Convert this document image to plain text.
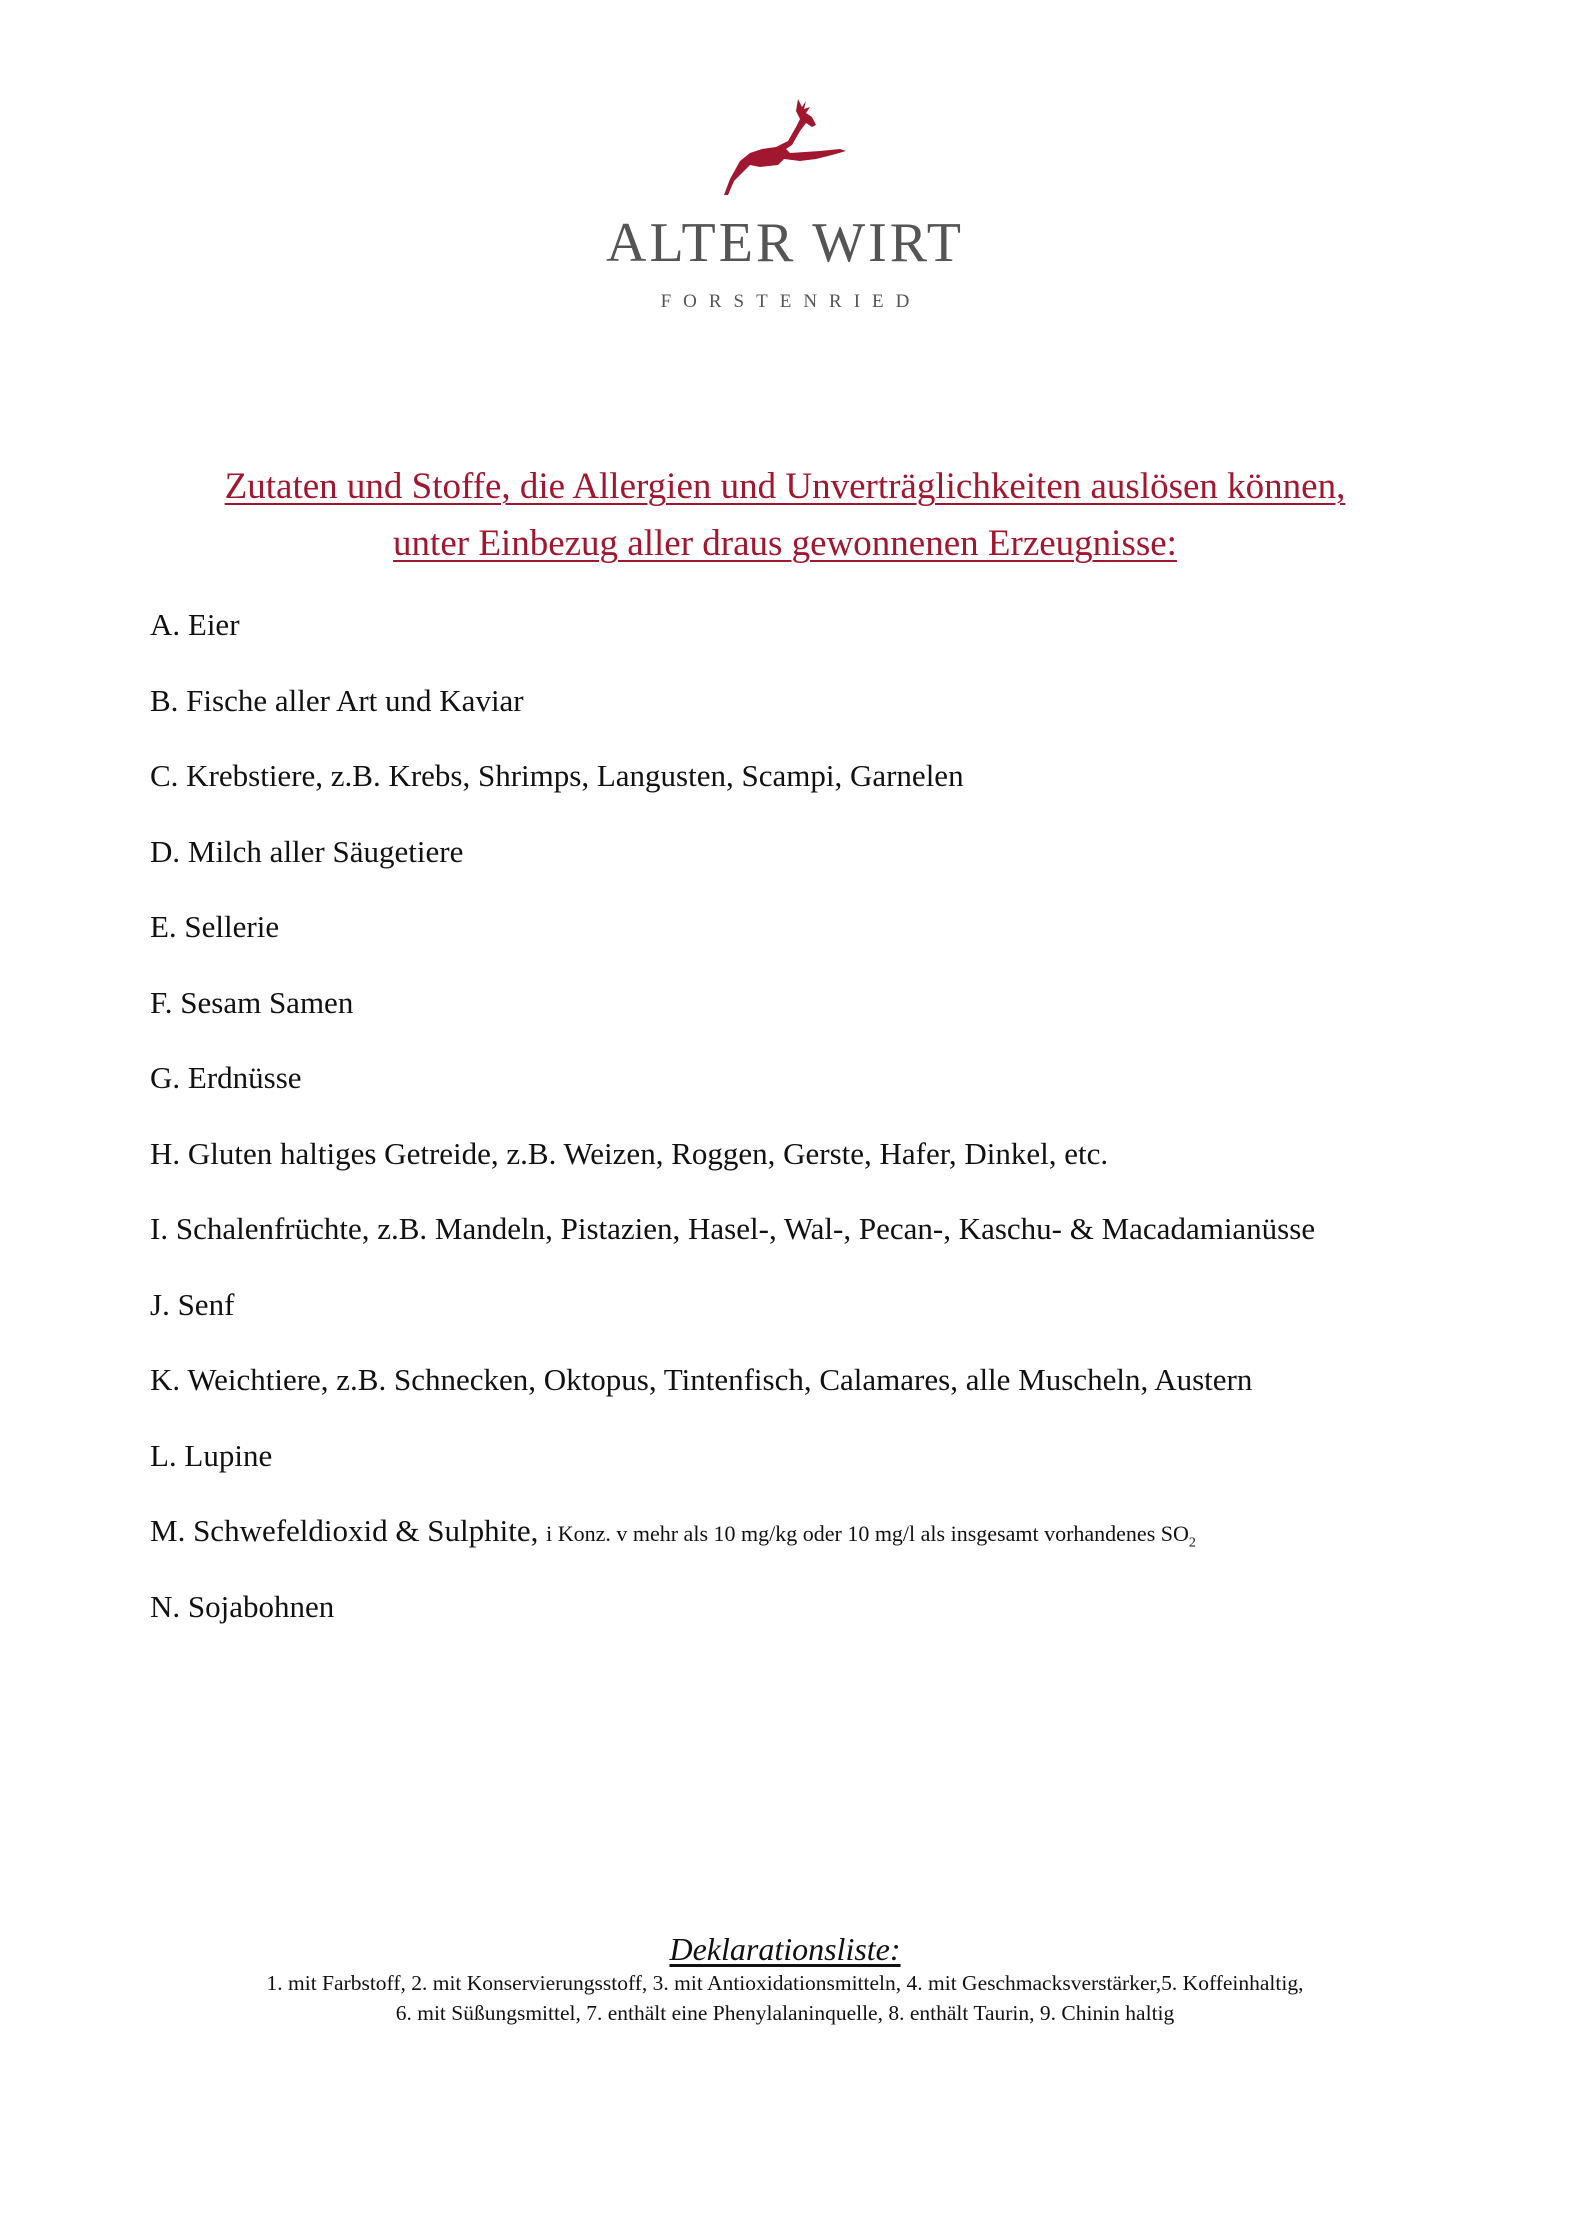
ALTER WIRT
FORSTENRIED
Zutaten und Stoffe, die Allergien und Unverträglichkeiten auslösen können,
unter Einbezug aller draus gewonnenen Erzeugnisse:
A. Eier
B. Fische aller Art und Kaviar
C. Krebstiere, z.B. Krebs, Shrimps, Langusten, Scampi, Garnelen
D. Milch aller Säugetiere
E. Sellerie
F. Sesam Samen
G. Erdnüsse
H. Gluten haltiges Getreide, z.B. Weizen, Roggen, Gerste, Hafer, Dinkel, etc.
I. Schalenfrüchte, z.B. Mandeln, Pistazien, Hasel-, Wal-, Pecan-, Kaschu- & Macadamianüsse
J. Senf
K. Weichtiere, z.B. Schnecken, Oktopus, Tintenfisch, Calamares, alle Muscheln, Austern
L. Lupine
M. Schwefeldioxid & Sulphite, i Konz. v mehr als 10 mg/kg oder 10 mg/l als insgesamt vorhandenes $SO_2$
N. Sojabohnen
Deklarationsliste:
1. mit Farbstoff, 2. mit Konservierungsstoff, 3. mit Antioxidationsmitteln, 4. mit Geschmacksverstärker,5. Koffeinhaltig,
6. mit Süßungsmittel, 7. enthält eine Phenylalaninquelle, 8. enthält Taurin, 9. Chinin haltig
